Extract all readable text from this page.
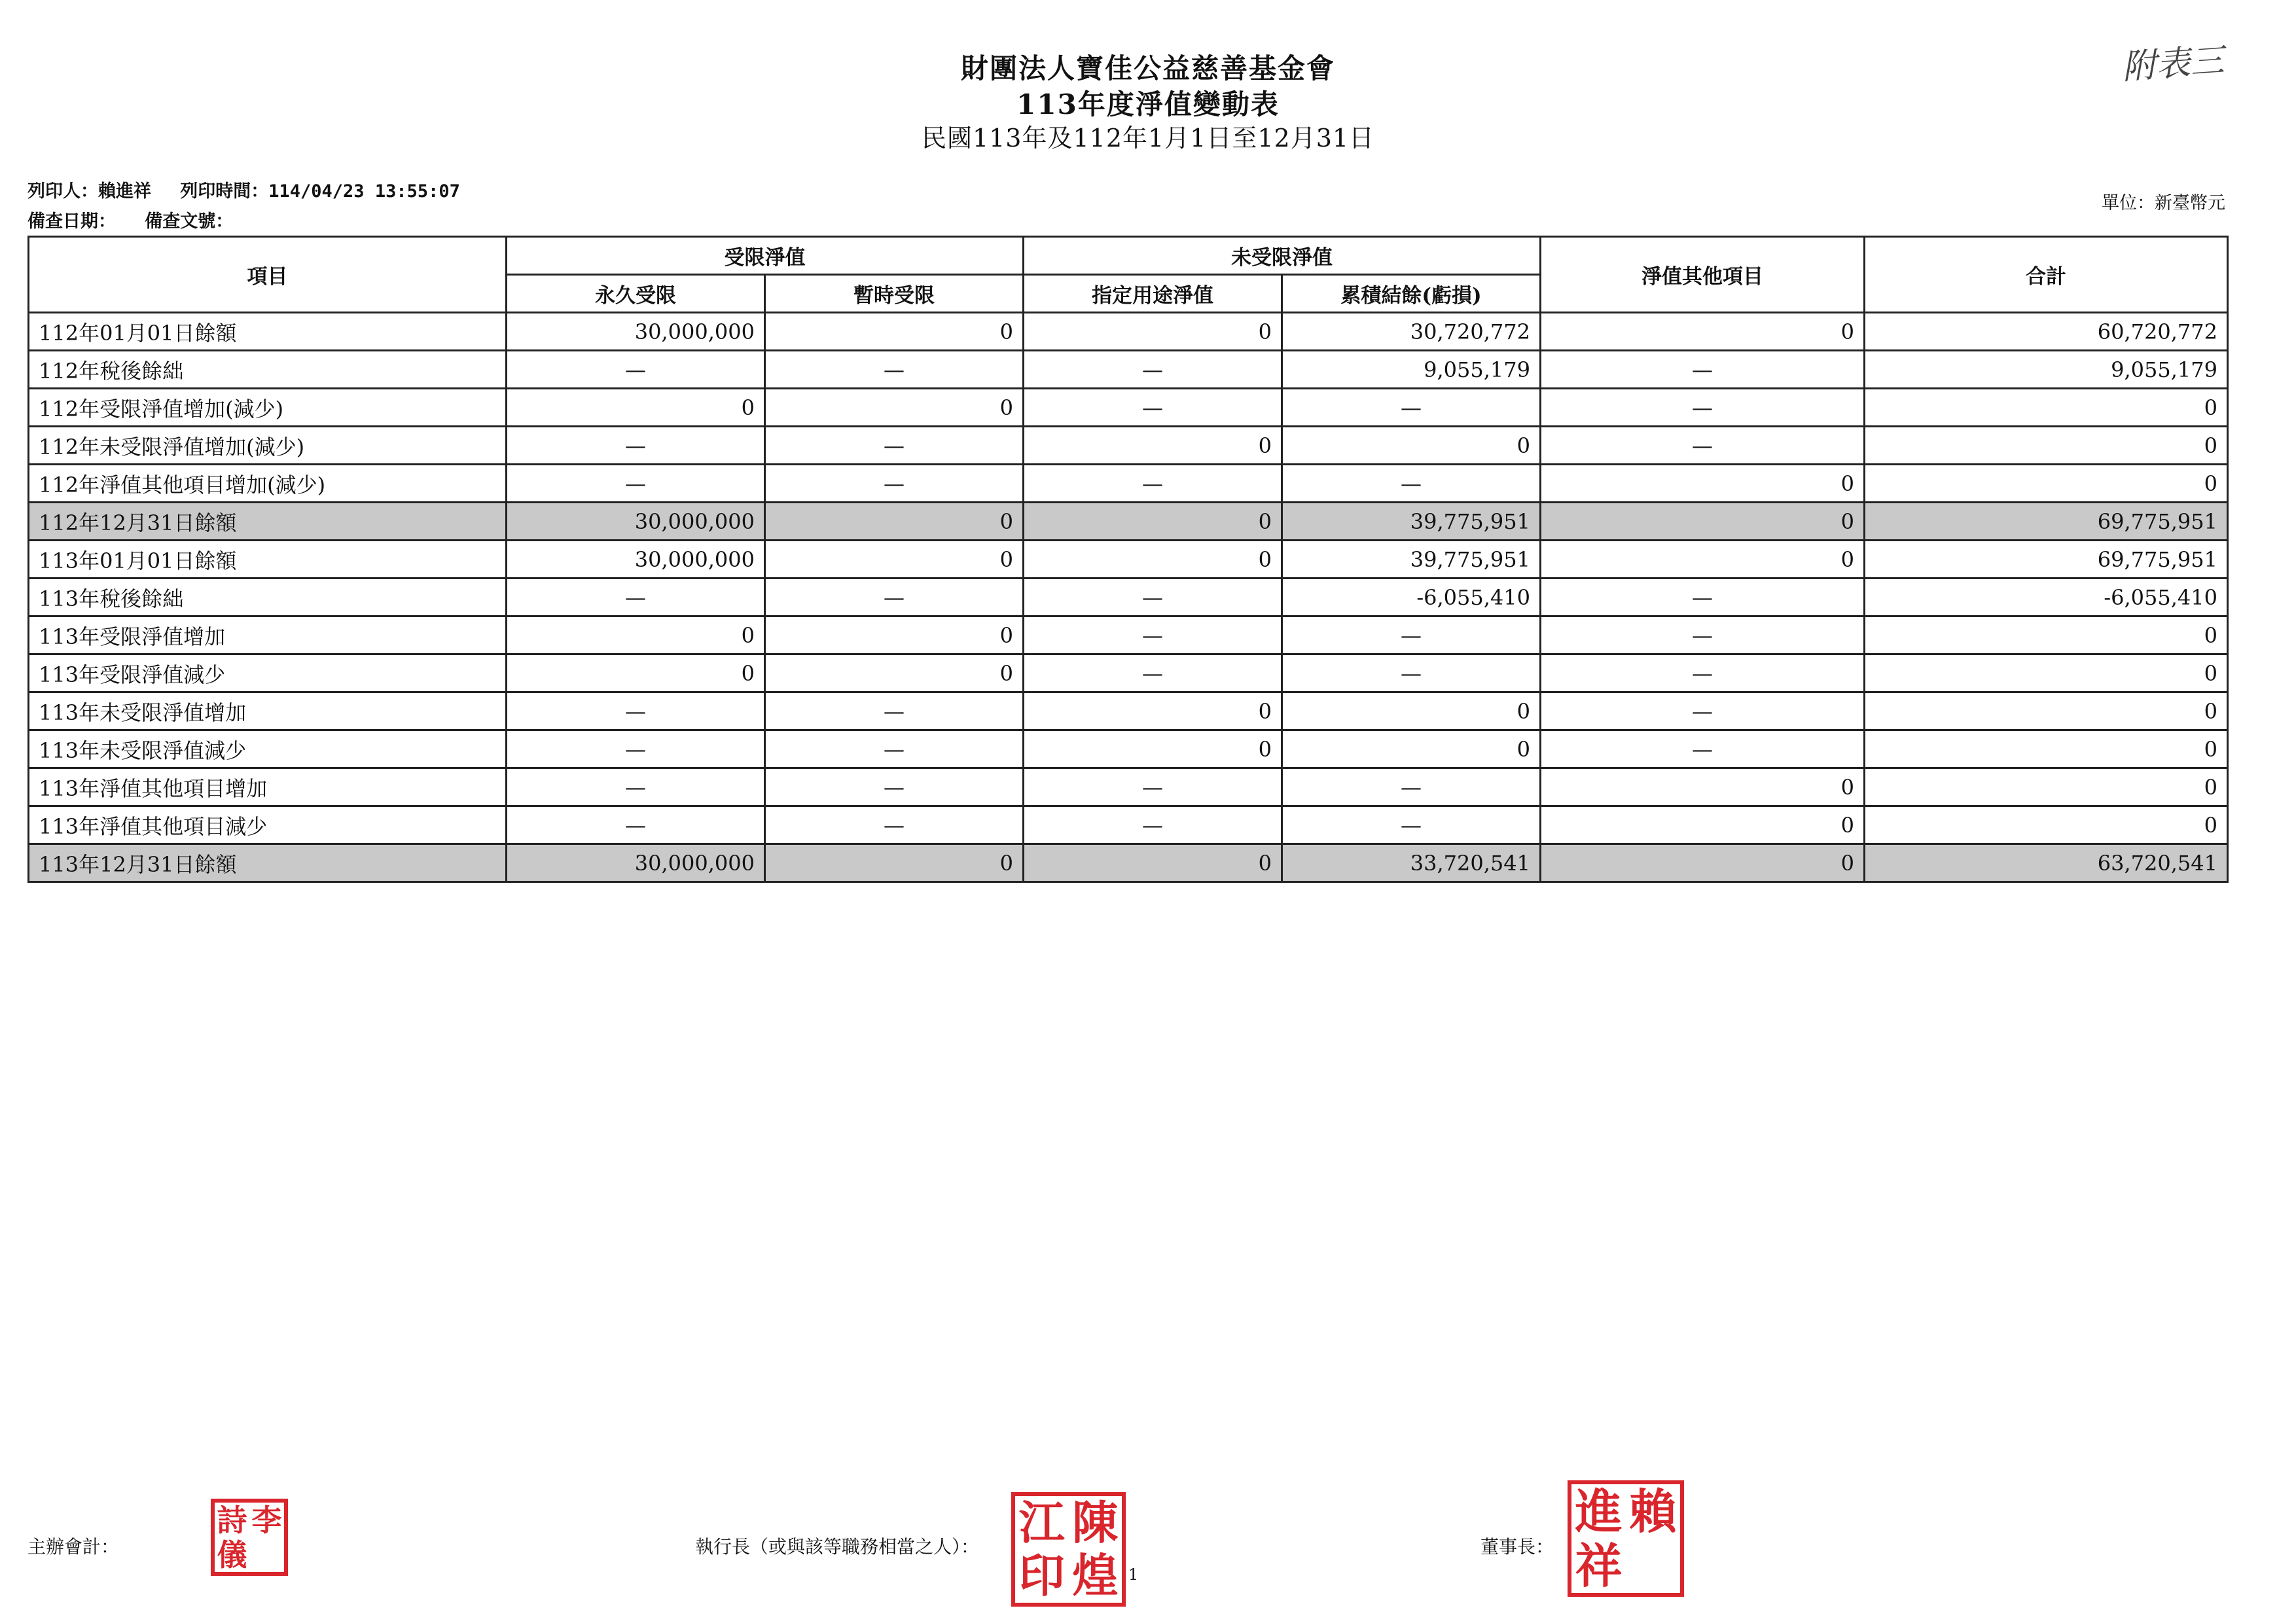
財團法人寶佳公益慈善基金會
113年度淨值變動表
民國113年及112年1月1日至12月31日
附表三
列印人：賴進祥 列印時間：114/04/23 13:55:07
備查日期： 備查文號：
單位：新臺幣元
項目	受限淨值		未受限淨值		淨值其他項目	合計
	永久受限	暫時受限	指定用途淨值	累積結餘(虧損)		
112年01月01日餘額	30,000,000	0	0	30,720,772	0	60,720,772
112年稅後餘絀	—	—	—	9,055,179	—	9,055,179
112年受限淨值增加(減少)	0	0	—	—	—	0
112年未受限淨值增加(減少)	—	—	0	0	—	0
112年淨值其他項目增加(減少)	—	—	—	—	0	0
112年12月31日餘額	30,000,000	0	0	39,775,951	0	69,775,951
113年01月01日餘額	30,000,000	0	0	39,775,951	0	69,775,951
113年稅後餘絀	—	—	—	-6,055,410	—	-6,055,410
113年受限淨值增加	0	0	—	—	—	0
113年受限淨值減少	0	0	—	—	—	0
113年未受限淨值增加	—	—	0	0	—	0
113年未受限淨值減少	—	—	0	0	—	0
113年淨值其他項目增加	—	—	—	—	0	0
113年淨值其他項目減少	—	—	—	—	0	0
113年12月31日餘額	30,000,000	0	0	33,720,541	0	63,720,541
主辦會計：
詩 李
儀	執行長（或與該等職務相當之人）： 江 陳
印 煌 1
董事長：
進 賴
祥
